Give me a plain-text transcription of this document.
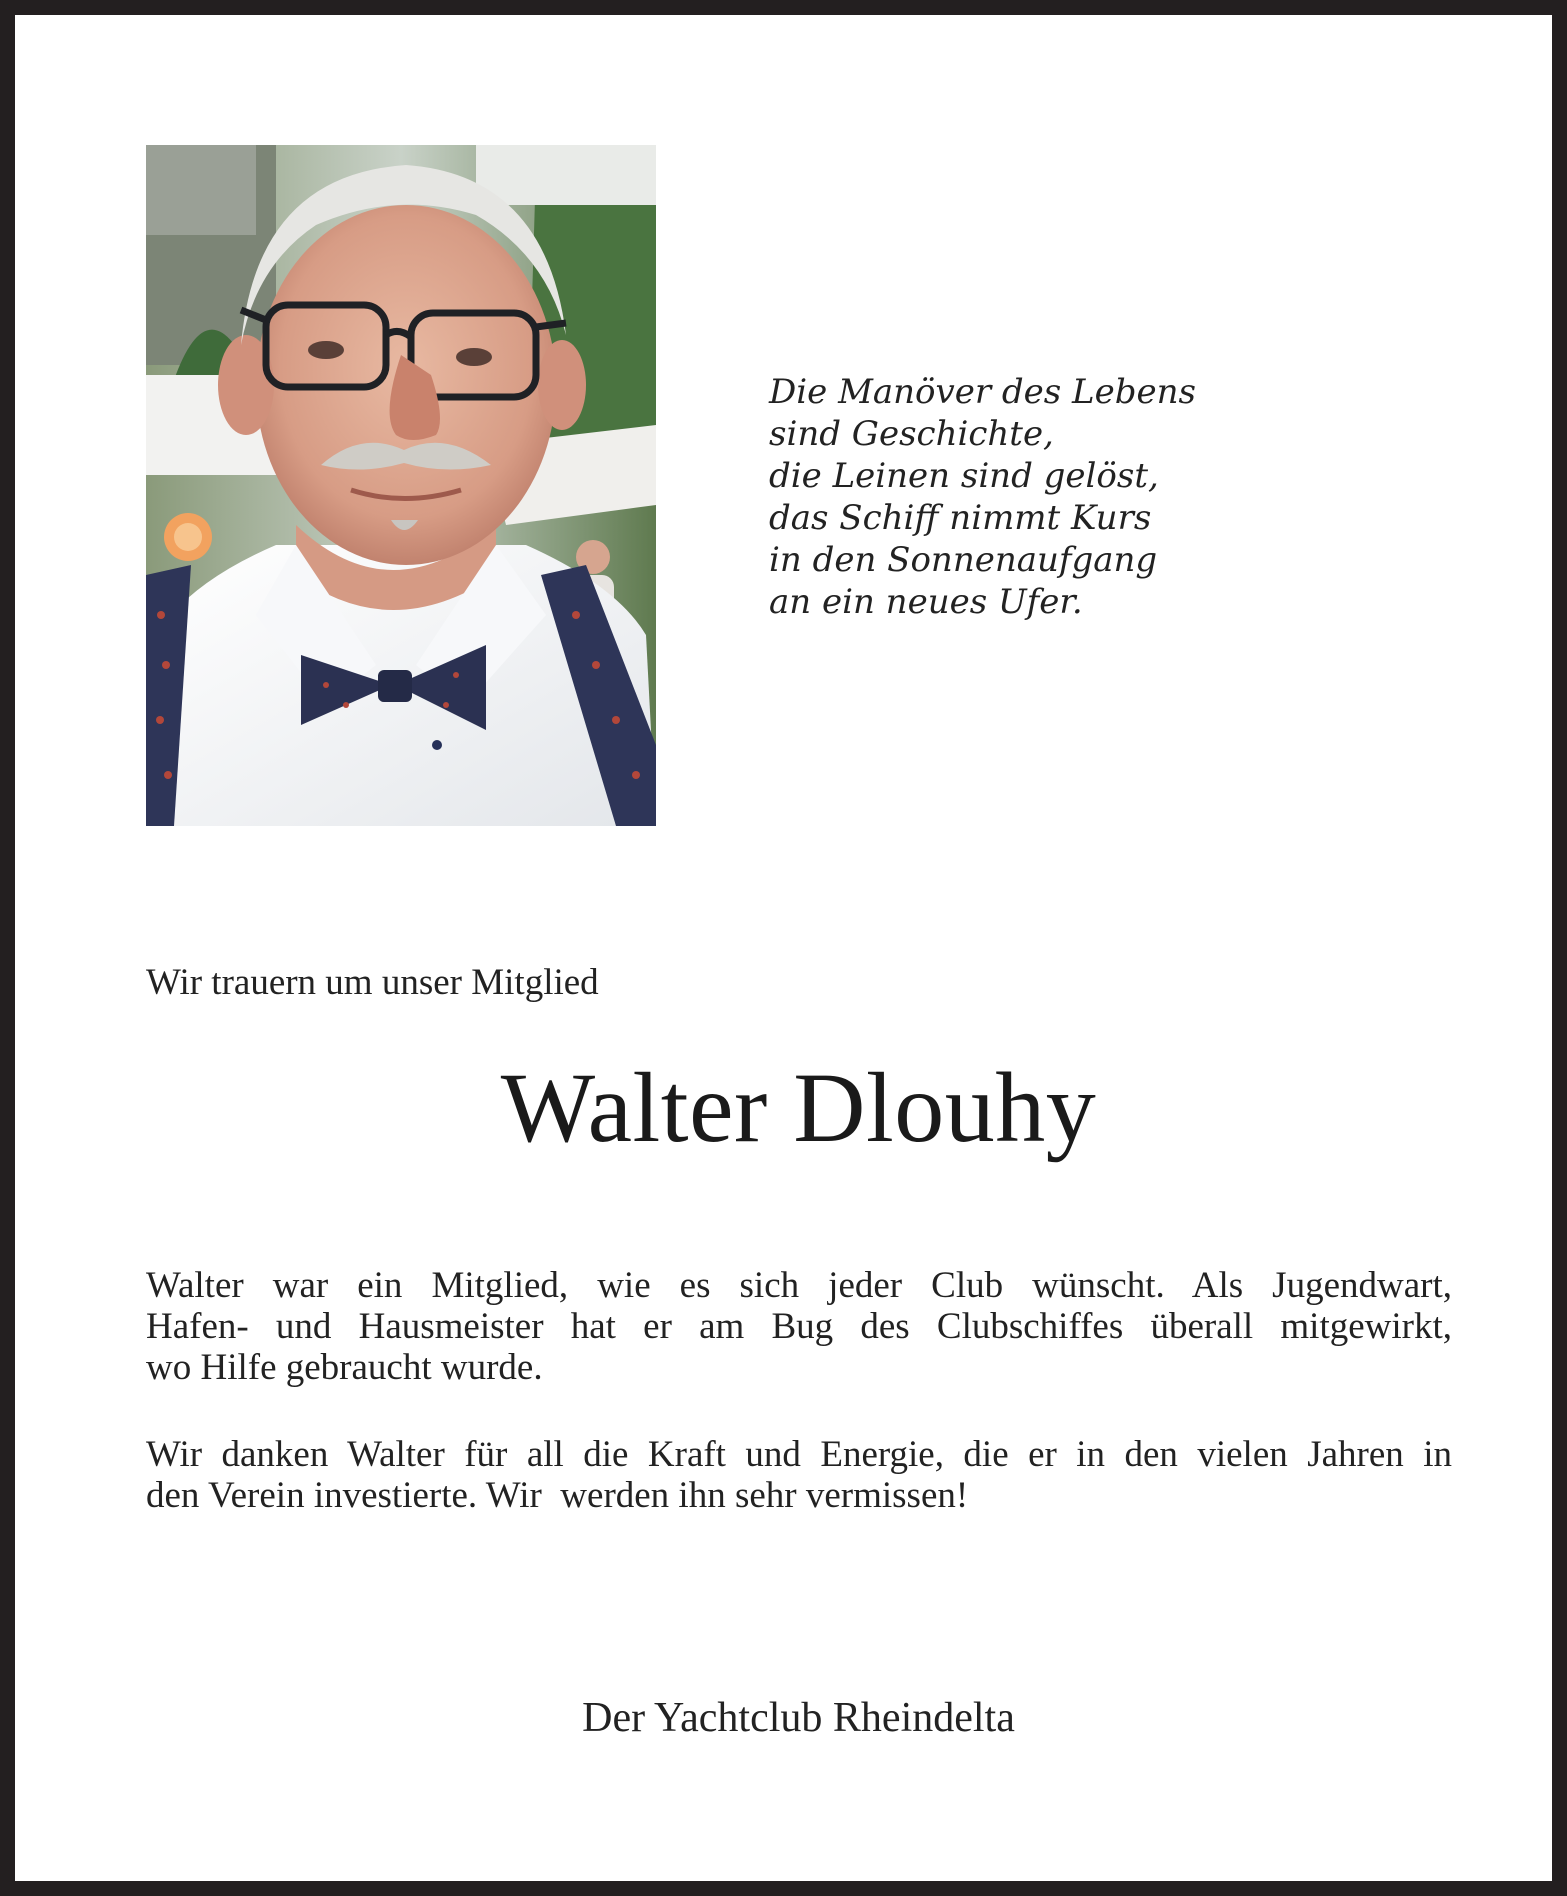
Die Manöver des Lebens
sind Geschichte,
die Leinen sind gelöst,
das Schiff nimmt Kurs
in den Sonnenaufgang
an ein neues Ufer.
Wir trauern um unser Mitglied
Walter Dlouhy
Walter war ein Mitglied, wie es sich jeder Club wünscht. Als Jugendwart,
Hafen- und Hausmeister hat er am Bug des Clubschiffes überall mitgewirkt,
wo Hilfe gebraucht wurde.
Wir danken Walter für all die Kraft und Energie, die er in den vielen Jahren in
den Verein investierte. Wir  werden ihn sehr vermissen!
Der Yachtclub Rheindelta
